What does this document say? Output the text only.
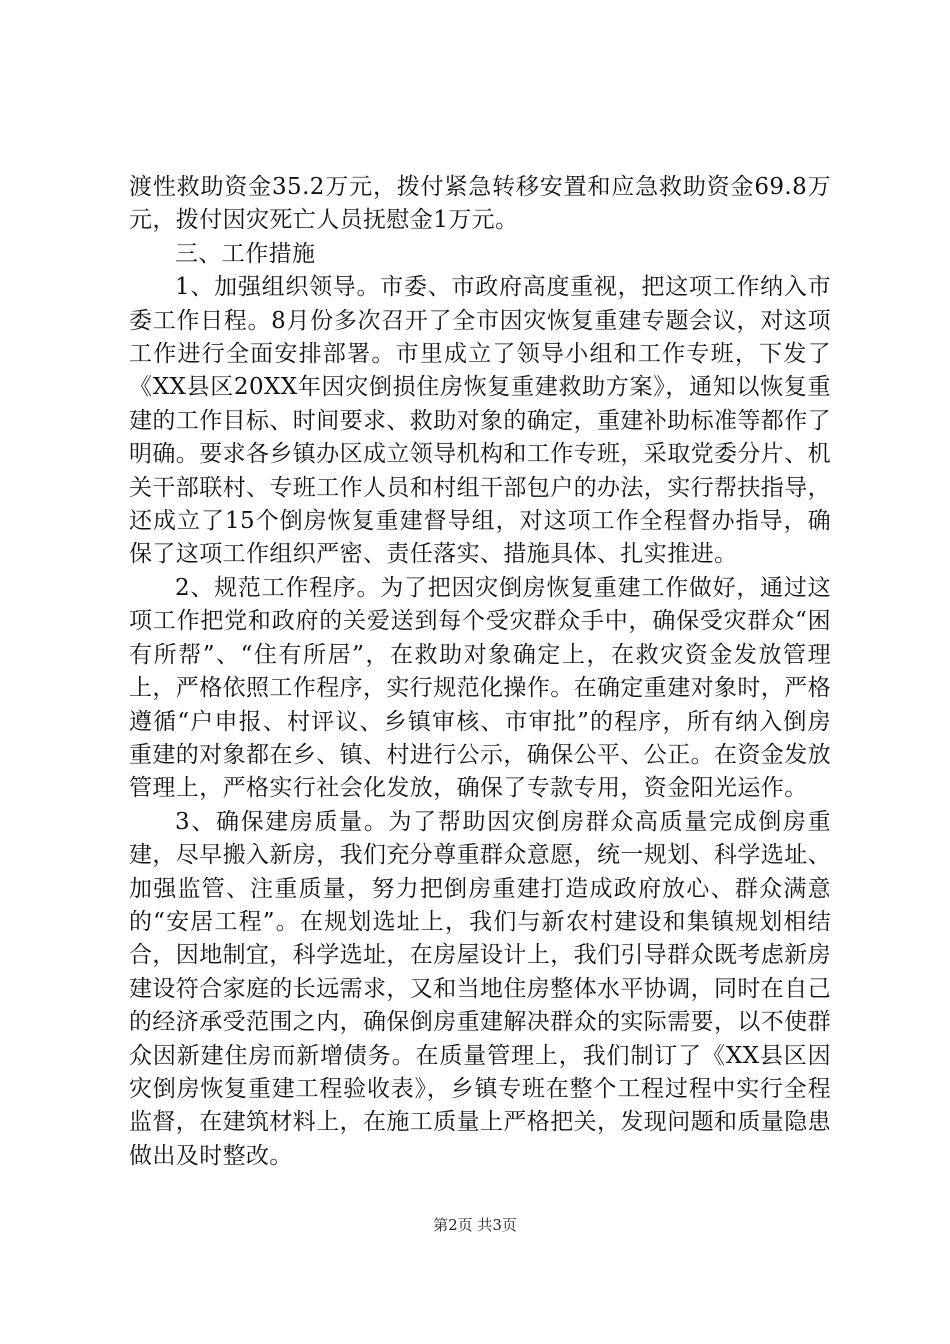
渡性救助资金35.2万元，拨付紧急转移安置和应急救助资金69.8万元，拨付因灾死亡人员抚慰金1万元。

三、工作措施

1、加强组织领导。市委、市政府高度重视，把这项工作纳入市委工作日程。8月份多次召开了全市因灾恢复重建专题会议，对这项工作进行全面安排部署。市里成立了领导小组和工作专班，下发了《XX县区20XX年因灾倒损住房恢复重建救助方案》，通知以恢复重建的工作目标、时间要求、救助对象的确定，重建补助标准等都作了明确。要求各乡镇办区成立领导机构和工作专班，采取党委分片、机关干部联村、专班工作人员和村组干部包户的办法，实行帮扶指导，还成立了15个倒房恢复重建督导组，对这项工作全程督办指导，确保了这项工作组织严密、责任落实、措施具体、扎实推进。

2、规范工作程序。为了把因灾倒房恢复重建工作做好，通过这项工作把党和政府的关爱送到每个受灾群众手中，确保受灾群众“困有所帮”、“住有所居”，在救助对象确定上，在救灾资金发放管理上，严格依照工作程序，实行规范化操作。在确定重建对象时，严格遵循“户申报、村评议、乡镇审核、市审批”的程序，所有纳入倒房重建的对象都在乡、镇、村进行公示，确保公平、公正。在资金发放管理上，严格实行社会化发放，确保了专款专用，资金阳光运作。

3、确保建房质量。为了帮助因灾倒房群众高质量完成倒房重建，尽早搬入新房，我们充分尊重群众意愿，统一规划、科学选址、加强监管、注重质量，努力把倒房重建打造成政府放心、群众满意的“安居工程”。在规划选址上，我们与新农村建设和集镇规划相结合，因地制宜，科学选址，在房屋设计上，我们引导群众既考虑新房建设符合家庭的长远需求，又和当地住房整体水平协调，同时在自己的经济承受范围之内，确保倒房重建解决群众的实际需要，以不使群众因新建住房而新增债务。在质量管理上，我们制订了《XX县区因灾倒房恢复重建工程验收表》，乡镇专班在整个工程过程中实行全程监督，在建筑材料上，在施工质量上严格把关，发现问题和质量隐患做出及时整改。

第2页 共3页
